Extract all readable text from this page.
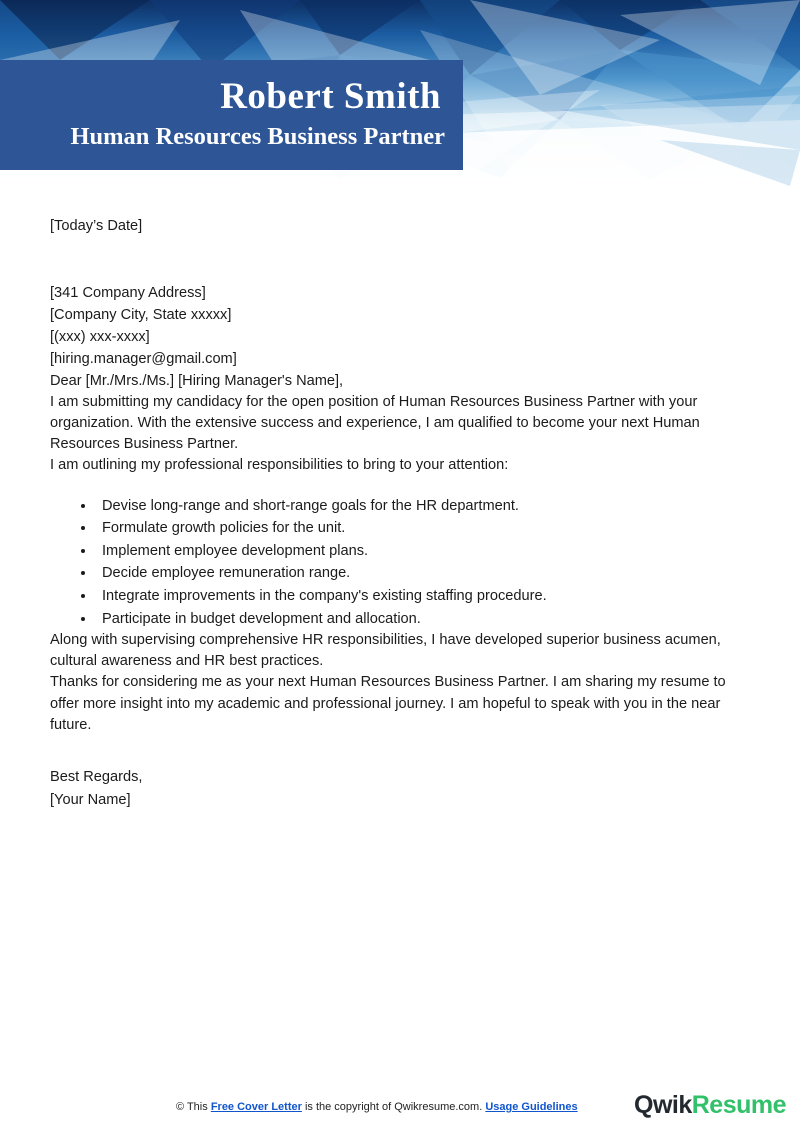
Robert Smith
Human Resources Business Partner

[Today’s Date]

[341 Company Address]
[Company City, State xxxxx]
[(xxx) xxx-xxxx]
[hiring.manager@gmail.com]

Dear [Mr./Mrs./Ms.] [Hiring Manager's Name],

I am submitting my candidacy for the open position of Human Resources Business Partner with your organization. With the extensive success and experience, I am qualified to become your next Human Resources Business Partner.

I am outlining my professional responsibilities to bring to your attention:

Devise long-range and short-range goals for the HR department.
Formulate growth policies for the unit.
Implement employee development plans.
Decide employee remuneration range.
Integrate improvements in the company's existing staffing procedure.
Participate in budget development and allocation.

Along with supervising comprehensive HR responsibilities, I have developed superior business acumen, cultural awareness and HR best practices.

Thanks for considering me as your next Human Resources Business Partner. I am sharing my resume to offer more insight into my academic and professional journey. I am hopeful to speak with you in the near future.

Best Regards,
[Your Name]
© This Free Cover Letter is the copyright of Qwikresume.com. Usage Guidelines QwikResume
